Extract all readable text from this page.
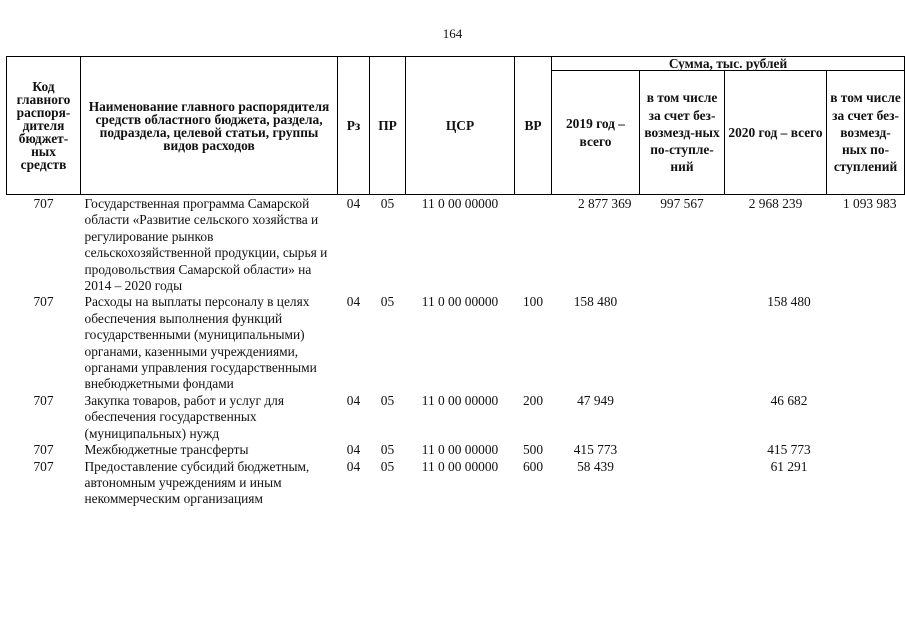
164
Код главного распоря-дителя бюджет-ных средств	Наименование главного распорядителя средств областного бюджета, раздела, подраздела, целевой статьи, группы видов расходов	Рз	ПР	ЦСР	ВР	Сумма, тыс. рублей			
						2019 год – всего	в том числе за счет без-возмезд-ных по-ступле-ний	2020 год – всего	в том числе за счет без-возмезд-ных по-ступлений
707	Государственная программа Самарской области «Развитие сельского хозяйства и регулирование рынков сельскохозяйственной продукции, сырья и продовольствия Самарской области» на 2014 – 2020 годы	04	05	11 0 00 00000		2 877 369	997 567	2 968 239	1 093 983
707	Расходы на выплаты персоналу в целях обеспечения выполнения функций государственными (муниципальными) органами, казенными учреждениями, органами управления государственными внебюджетными фондами	04	05	11 0 00 00000	100	158 480		158 480	
707	Закупка товаров, работ и услуг для обеспечения государственных (муниципальных) нужд	04	05	11 0 00 00000	200	47 949		46 682	
707	Межбюджетные трансферты	04	05	11 0 00 00000	500	415 773		415 773	
707	Предоставление субсидий бюджетным, автономным учреждениям и иным некоммерческим организациям	04	05	11 0 00 00000	600	58 439		61 291	
